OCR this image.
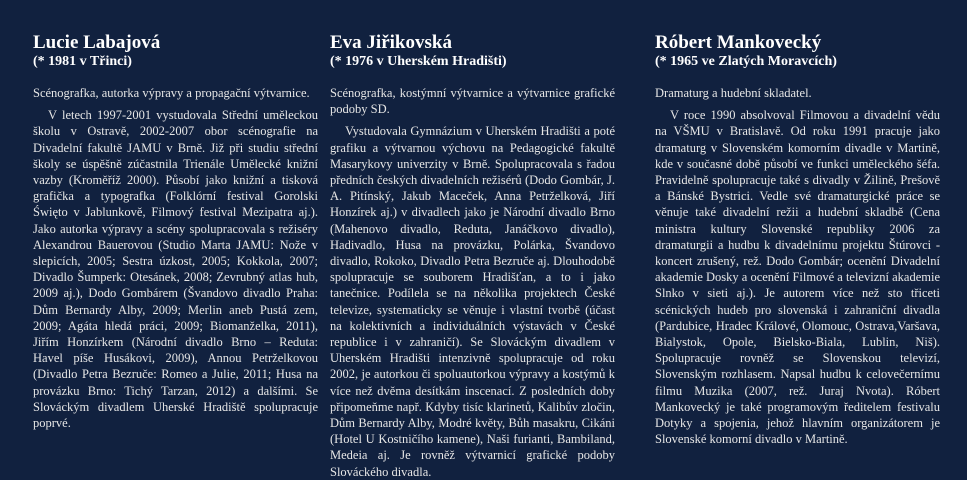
Lucie Labajová

(* 1981 v Třinci)

Scénografka, autorka výpravy a propagační výtvarnice.

V letech 1997-2001 vystudovala Střední uměleckou školu v Ostravě, 2002-2007 obor scénografie na Divadelní fakultě JAMU v Brně. Již při studiu střední školy se úspěšně zúčastnila Trienále Umělecké knižní vazby (Kroměříž 2000). Působí jako knižní a tisková grafička a typografka (Folklórní festival Gorolski Święto v Jablunkově, Filmový festival Mezipatra aj.). Jako autorka výpravy a scény spolupracovala s režiséry Alexandrou Bauerovou (Studio Marta JAMU: Nože v slepicích, 2005; Sestra úzkost, 2005; Kokkola, 2007; Divadlo Šumperk: Otesánek, 2008; Zevrubný atlas hub, 2009 aj.), Dodo Gombárem (Švandovo divadlo Praha: Dům Bernardy Alby, 2009; Merlin aneb Pustá zem, 2009; Agáta hledá práci, 2009; Biomanželka, 2011), Jiřím Honzírkem (Národní divadlo Brno – Reduta: Havel píše Husákovi, 2009), Annou Petrželkovou (Divadlo Petra Bezruče: Romeo a Julie, 2011; Husa na provázku Brno: Tichý Tarzan, 2012) a dalšími. Se Slováckým divadlem Uherské Hradiště spolupracuje poprvé.

Eva Jiřikovská

(* 1976 v Uherském Hradišti)

Scénografka, kostýmní výtvarnice a výtvarnice grafické podoby SD.

Vystudovala Gymnázium v Uherském Hradišti a poté grafiku a výtvarnou výchovu na Pedagogické fakultě Masarykovy univerzity v Brně. Spolupracovala s řadou předních českých divadelních režisérů (Dodo Gombár, J. A. Pitínský, Jakub Maceček, Anna Petrželková, Jiří Honzírek aj.) v divadlech jako je Národní divadlo Brno (Mahenovo divadlo, Reduta, Janáčkovo divadlo), Hadivadlo, Husa na provázku, Polárka, Švandovo divadlo, Rokoko, Divadlo Petra Bezruče aj. Dlouhodobě spolupracuje se souborem Hradišťan, a to i jako tanečnice. Podílela se na několika projektech České televize, systematicky se věnuje i vlastní tvorbě (účast na kolektivních a individuálních výstavách v České republice i v zahraničí). Se Slováckým divadlem v Uherském Hradišti intenzivně spolupracuje od roku 2002, je autorkou či spoluautorkou výpravy a kostýmů k více než dvěma desítkám inscenací. Z posledních doby připomeňme např. Kdyby tisíc klarinetů, Kalibův zločin, Dům Bernardy Alby, Modré květy, Bůh masakru, Cikáni (Hotel U Kostničího kamene), Naši furianti, Bambiland, Medeia aj. Je rovněž výtvarnicí grafické podoby Slováckého divadla.

Róbert Mankovecký

(* 1965 ve Zlatých Moravcích)

Dramaturg a hudební skladatel.

V roce 1990 absolvoval Filmovou a divadelní vědu na VŠMU v Bratislavě. Od roku 1991 pracuje jako dramaturg v Slovenském komorním divadle v Martině, kde v současné době působí ve funkci uměleckého šéfa. Pravidelně spolupracuje také s divadly v Žilině, Prešově a Bánské Bystrici. Vedle své dramaturgické práce se věnuje také divadelní režii a hudební skladbě (Cena ministra kultury Slovenské republiky 2006 za dramaturgii a hudbu k divadelnímu projektu Štúrovci - koncert zrušený, rež. Dodo Gombár; ocenění Divadelní akademie Dosky a ocenění Filmové a televizní akademie Slnko v sieti aj.). Je autorem více než sto třiceti scénických hudeb pro slovenská i zahraniční divadla (Pardubice, Hradec Králové, Olomouc, Ostrava,Varšava, Bialystok, Opole, Bielsko-Biala, Lublin, Niš). Spolupracuje rovněž se Slovenskou televizí, Slovenským rozhlasem. Napsal hudbu k celovečernímu filmu Muzika (2007, rež. Juraj Nvota). Róbert Mankovecký je také programovým ředitelem festivalu Dotyky a spojenia, jehož hlavním organizátorem je Slovenské komorní divadlo v Martině.
